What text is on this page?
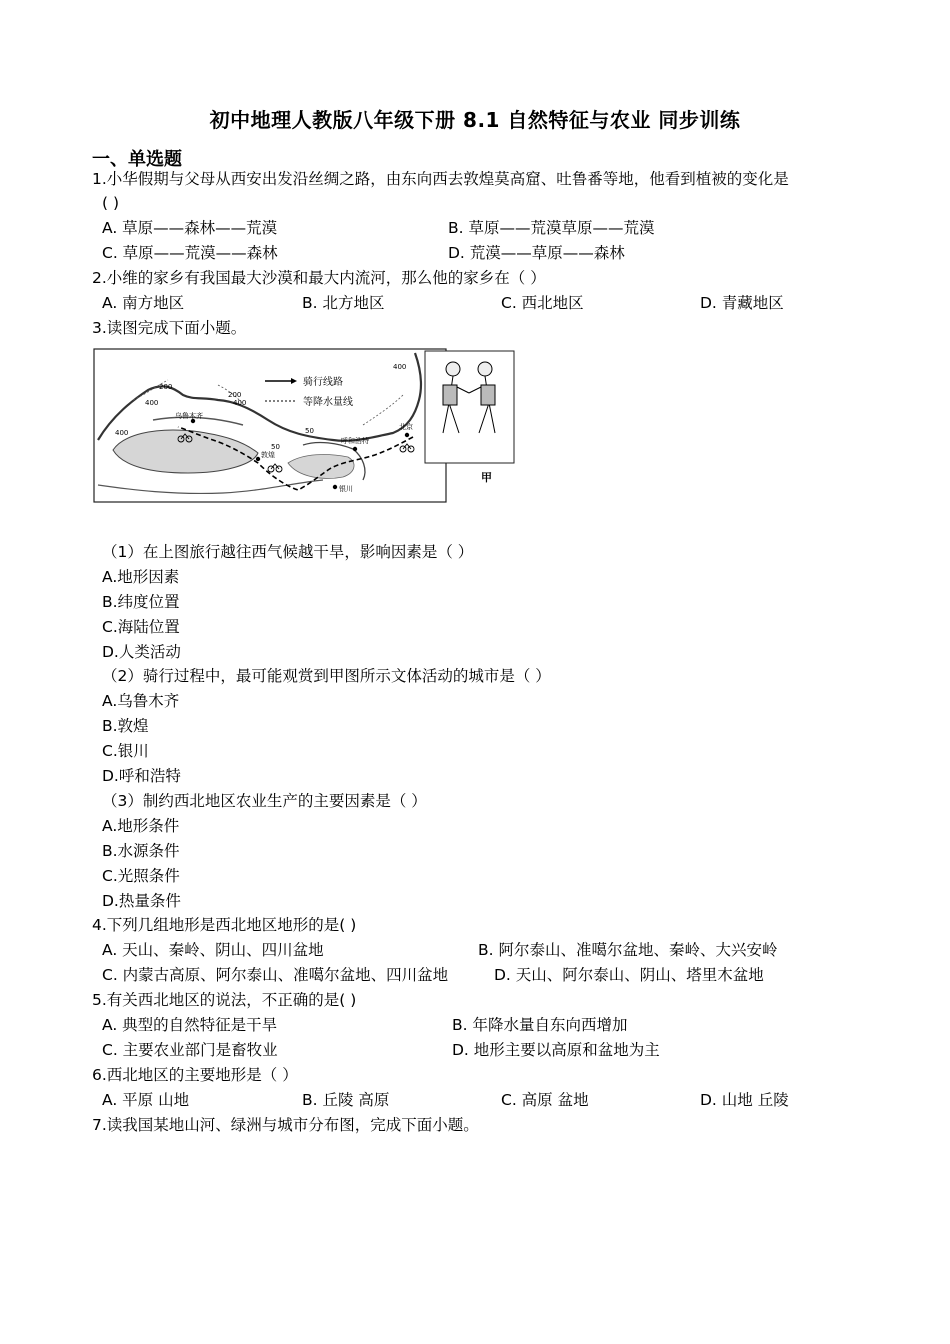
初中地理人教版八年级下册 8.1 自然特征与农业 同步训练
一、单选题
1.小华假期与父母从西安出发沿丝绸之路，由东向西去敦煌莫高窟、吐鲁番等地，他看到植被的变化是
( )
A. 草原——森林——荒漠	B. 草原——荒漠草原——荒漠
C. 草原——荒漠——森林	D. 荒漠——草原——森林
2.小维的家乡有我国最大沙漠和最大内流河，那么他的家乡在（ ）
A. 南方地区	B. 北方地区	C. 西北地区	D. 青藏地区
3.读图完成下面小题。
骑行线路
等降水量线
200
400
200
400
50
50
400
400
乌鲁木齐
敦煌
呼和浩特
银川
北京
甲
（1）在上图旅行越往西气候越干旱，影响因素是（ ）
A.地形因素
B.纬度位置
C.海陆位置
D.人类活动
（2）骑行过程中，最可能观赏到甲图所示文体活动的城市是（ ）
A.乌鲁木齐
B.敦煌
C.银川
D.呼和浩特
（3）制约西北地区农业生产的主要因素是（ ）
A.地形条件
B.水源条件
C.光照条件
D.热量条件
4.下列几组地形是西北地区地形的是( )
A. 天山、秦岭、阴山、四川盆地	B. 阿尔泰山、准噶尔盆地、秦岭、大兴安岭
C. 内蒙古高原、阿尔泰山、准噶尔盆地、四川盆地	D. 天山、阿尔泰山、阴山、塔里木盆地
5.有关西北地区的说法，不正确的是( )
A. 典型的自然特征是干旱	B. 年降水量自东向西增加
C. 主要农业部门是畜牧业	D. 地形主要以高原和盆地为主
6.西北地区的主要地形是（ ）
A. 平原 山地	B. 丘陵 高原	C. 高原 盆地	D. 山地 丘陵
7.读我国某地山河、绿洲与城市分布图，完成下面小题。
